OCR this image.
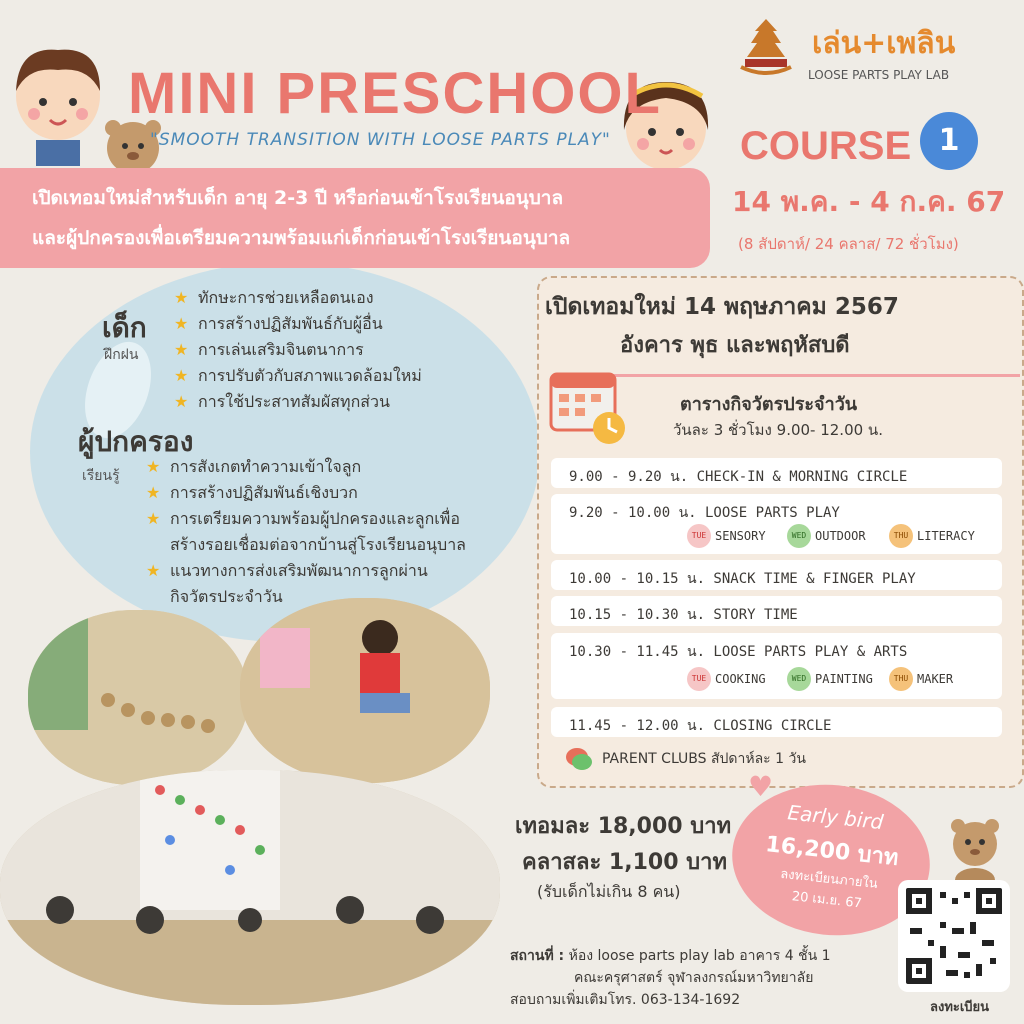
MINI PRESCHOOL
"SMOOTH TRANSITION WITH LOOSE PARTS PLAY"
เปิดเทอมใหม่สำหรับเด็ก อายุ 2-3 ปี หรือก่อนเข้าโรงเรียนอนุบาล
และผู้ปกครองเพื่อเตรียมความพร้อมแก่เด็กก่อนเข้าโรงเรียนอนุบาล
เล่น+เพลิน
LOOSE PARTS PLAY LAB
COURSE 1
14 พ.ค. - 4 ก.ค. 67
(8 สัปดาห์/ 24 คลาส/ 72 ชั่วโมง)
เด็ก
ฝึกฝน
★ ทักษะการช่วยเหลือตนเอง
★ การสร้างปฏิสัมพันธ์กับผู้อื่น
★ การเล่นเสริมจินตนาการ
★ การปรับตัวกับสภาพแวดล้อมใหม่
★ การใช้ประสาทสัมผัสทุกส่วน
ผู้ปกครอง
เรียนรู้ ★ การสังเกตทำความเข้าใจลูก
★ การสร้างปฏิสัมพันธ์เชิงบวก
★ การเตรียมความพร้อมผู้ปกครองและลูกเพื่อ
สร้างรอยเชื่อมต่อจากบ้านสู่โรงเรียนอนุบาล
★ แนวทางการส่งเสริมพัฒนาการลูกผ่าน
กิจวัตรประจำวัน
เปิดเทอมใหม่ 14 พฤษภาคม 2567
อังคาร พุธ และพฤหัสบดี
ตารางกิจวัตรประจำวัน
วันละ 3 ชั่วโมง 9.00- 12.00 น.
9.00 - 9.20 น. CHECK-IN & MORNING CIRCLE
9.20 - 10.00 น. LOOSE PARTS PLAY
TUE SENSORY	WED OUTDOOR	THU LITERACY
10.00 - 10.15 น. SNACK TIME & FINGER PLAY
10.15 - 10.30 น. STORY TIME
10.30 - 11.45 น. LOOSE PARTS PLAY & ARTS
TUE COOKING	WED PAINTING	THU MAKER
11.45 - 12.00 น. CLOSING CIRCLE
PARENT CLUBS สัปดาห์ละ 1 วัน
เทอมละ 18,000 บาท
คลาสละ 1,100 บาท
(รับเด็กไม่เกิน 8 คน)
♥
Early bird
16,200 บาท
ลงทะเบียนภายใน
20 เม.ย. 67
สถานที่ : ห้อง loose parts play lab อาคาร 4 ชั้น 1
คณะครุศาสตร์ จุฬาลงกรณ์มหาวิทยาลัย
สอบถามเพิ่มเติมโทร. 063-134-1692	ลงทะเบียน
